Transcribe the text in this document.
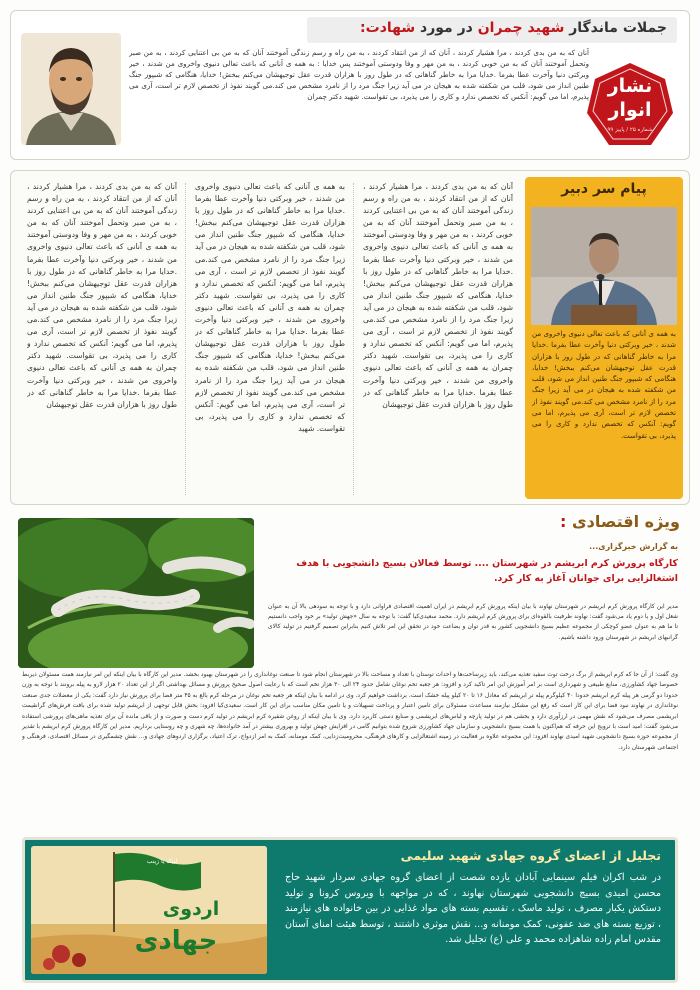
جملات ماندگار شهید چمران در مورد شهادت:
آنان که به من بدی کردند ، مرا هشیار کردند ، آنان که از من انتقاد کردند ، به من راه و رسم زندگی آموختند آنان که به من بی اعتنایی کردند ، به من صبر وتحمل آموختند آنان که به من خوبی کردند ، به من مهر و وفا ودوستی آموختند پس خدایا : به همه ی آنانی که باعث تعالی دنیوی واخروی من شدند ، خیر وبرکتی دنیا وآخرت عطا بفرما .خدایا مرا به خاطر گناهانی که در طول روز با هزاران قدرت عقل توجیهشان می‌کنم ببخش! خدایا، هنگامی که شبپور جنگ طنین انداز می شود، قلب من شکفته شده به هیجان در می آید زیرا جنگ مرد را از نامرد مشخص می کند.می گویند نفوذ از تخصص لازم تر است، آری می پذیرم، اما می گویم: آنکس که تخصص ندارد و کاری را می پذیرد، بی تقواست. شهید دکتر چمران نشار
انوار
شماره ۲۵ / پاییز ۹۹
پیام سر دبیر
به همه ی آنانی که باعث تعالی دنیوی واخروی من شدند ، خیر وبرکتی دنیا وآخرت عطا بفرما .خدایا مرا به خاطر گناهانی که در طول روز با هزاران قدرت عقل توجیهشان می‌کنم ببخش! خدایا، هنگامی که شبپور جنگ طنین انداز می شود، قلب من شکفته شده به هیجان در می آید زیرا جنگ مرد را از نامرد مشخص می کند.می گویند نفوذ از تخصص لازم تر است، آری می پذیرم، اما می گویم: آنکس که تخصص ندارد و کاری را می پذیرد، بی تقواست.
آنان که به من بدی کردند ، مرا هشیار کردند ، آنان که از من انتقاد کردند ، به من راه و رسم زندگی آموختند آنان که به من بی اعتنایی کردند ، به من صبر وتحمل آموختند آنان که به من خوبی کردند ، به من مهر و وفا ودوستی آموختند به همه ی آنانی که باعث تعالی دنیوی واخروی من شدند ، خیر وبرکتی دنیا وآخرت عطا بفرما .خدایا مرا به خاطر گناهانی که در طول روز با هزاران قدرت عقل توجیهشان می‌کنم ببخش! خدایا، هنگامی که شبپور جنگ طنین انداز می شود، قلب من شکفته شده به هیجان در می آید زیرا جنگ مرد را از نامرد مشخص می کند.می گویند نفوذ از تخصص لازم تر است ، آری می پذیرم، اما می گویم: آنکس که تخصص ندارد و کاری را می پذیرد، بی تقواست. شهید دکتر چمران به همه ی آنانی که باعث تعالی دنیوی واخروی من شدند ، خیر وبرکتی دنیا وآخرت عطا بفرما .خدایا مرا به خاطر گناهانی که در طول روز با هزاران قدرت عقل توجیهشان
به همه ی آنانی که باعث تعالی دنیوی واخروی من شدند ، خیر وبرکتی دنیا وآخرت عطا بفرما .خدایا مرا به خاطر گناهانی که در طول روز با هزاران قدرت عقل توجیهشان می‌کنم ببخش! خدایا، هنگامی که شبپور جنگ طنین انداز می شود، قلب من شکفته شده به هیجان در می آید زیرا جنگ مرد را از نامرد مشخص می کند.می گویند نفوذ از تخصص لازم تر است ، آری می پذیرم، اما می گویم: آنکس که تخصص ندارد و کاری را می پذیرد، بی تقواست. شهید دکتر چمران به همه ی آنانی که باعث تعالی دنیوی واخروی من شدند ، خیر وبرکتی دنیا وآخرت عطا بفرما .خدایا مرا به خاطر گناهانی که در طول روز با هزاران قدرت عقل توجیهشان می‌کنم ببخش! خدایا، هنگامی که شبپور جنگ طنین انداز می شود، قلب من شکفته شده به هیجان در می آید زیرا جنگ مرد را از نامرد مشخص می کند.می گویند نفوذ از تخصص لازم تر است، آری می پذیرم، اما می گویم: آنکس که تخصص ندارد و کاری را می پذیرد، بی تقواست. شهید
آنان که به من بدی کردند ، مرا هشیار کردند ، آنان که از من انتقاد کردند ، به من راه و رسم زندگی آموختند آنان که به من بی اعتنایی کردند ، به من صبر وتحمل آموختند آنان که به من خوبی کردند ، به من مهر و وفا ودوستی آموختند به همه ی آنانی که باعث تعالی دنیوی واخروی من شدند ، خیر وبرکتی دنیا وآخرت عطا بفرما .خدایا مرا به خاطر گناهانی که در طول روز با هزاران قدرت عقل توجیهشان می‌کنم ببخش! خدایا، هنگامی که شبپور جنگ طنین انداز می شود، قلب من شکفته شده به هیجان در می آید زیرا جنگ مرد را از نامرد مشخص می کند.می گویند نفوذ از تخصص لازم تر است، آری می پذیرم، اما می گویم: آنکس که تخصص ندارد و کاری را می پذیرد، بی تقواست. شهید دکتر چمران به همه ی آنانی که باعث تعالی دنیوی واخروی من شدند ، خیر وبرکتی دنیا وآخرت عطا بفرما .خدایا مرا به خاطر گناهانی که در طول روز با هزاران قدرت عقل توجیهشان
ویژه اقتصادی :
به گزارش خبرگزاری...
کارگاه پرورش کرم ابریشم در شهرستان .... توسط فعالان بسیج دانشجویی با هدف اشتغالزایی برای جوانان آغاز به کار کرد.
مدیر این کارگاه پرورش کرم ابریشم در شهرستان نهاوند با بیان اینکه پرورش کرم ابریشم در ایران اهمیت اقتصادی فراوانی دارد و با توجه به سودهی بالا آن به عنوان شغل اول و یا دوم یاد می‌شود گفت: نهاوند ظرفیت بالقوه‌ای برای پرورش کرم ابریشم دارد. محمد سعیدی‌کیا گفت: با توجه به سال «جهش تولید» بر خود واجب دانستیم تا ما هم به عنوان عضو کوچکی از مجموعه عظیم بسیج دانشجویی کشور به قدر توان و بضاعت خود در تحقق این امر تلاش کنیم بنابراین تصمیم گرفتیم در تولید کالای گرانبهای ابریشم در شهرستان ورود داشته باشیم.
وی گفت: از آن جا که کرم ابریشم از برگ درخت توت سفید تغذیه می‌کند، باید زیرساخت‌ها و احداث توستان با تعداد و مساحت بالا در شهرستان انجام شود تا صنعت نوغانداری را در شهرستان بهبود بخشد. مدیر این کارگاه با بیان اینکه این امر نیازمند همت مسئولان ذیربط خصوصا جهاد کشاورزی، منابع طبیعی و شهرداری است بر امر آموزش این امر تاکید کرد و افزود: هر جعبه تخم نوغان شامل حدود ۲۴ الی ۳۰ هزار تخم است که با رعایت اصول صحیح پرورش و مسائل بهداشتی اگر از این تعداد ۲۰ هزار لارو به پیله برونند با توجه به وزن حدودا دو گرمی هر پیله کرم ابریشم حدودا ۴۰ کیلوگرم پیله تر ابریشم که معادل ۱۶ تا ۲۰ کیلو پیله خشک است، برداشت خواهیم کرد. وی در ادامه با بیان اینکه هر جعبه تخم نوغان در مرحله کرم بالغ به ۴۵ متر فضا برای پرورش نیاز دارد گفت: یکی از معضلات جدی صنعت نوغانداری در نهاوند نبود فضا برای این کار است که رفع این مشکل نیازمند مساعدت مسئولان برای تامین اعتبار و پرداخت تسهیلات و یا تامین مکان مناسب برای این کار است. سعیدی‌کیا افزود: بخش قابل توجهی از ابریشم تولید شده برای بافت فرش‌های گرانقیمت ابریشمی مصرف می‌شود که نقش مهمی در ارزآوری دارد و بخشی هم در تولید پارچه و لباس‌های ابریشمی و صنایع دستی کاربرد دارد. وی با بیان اینکه از روغن شفیره کرم ابریشم در تولید کرم دست و صورت و از باقی مانده آن برای تغذیه ماهی‌های پرورشی استفاده می‌شود گفت: امید است با ترویج این حرفه که هم‌اکنون با همت بسیج دانشجویی و سازمان جهاد کشاورزی شروع شده بتوانیم گامی در افزایش جهش تولید و بهروری بیشتر در آمد خانواده‌ها، چه شهری و چه روستایی برداریم. مدیر این کارگاه پرورش کرم ابریشم با تقدیر از مجموعه حوزه بسیج دانشجویی شهید امیدی نهاوند افزود: این مجموعه علاوه بر فعالیت در زمینه اشتغالزایی و کارهای فرهنگی، محرومیت‌زدایی، کمک مومنانه، کمک به امر ازدواج، ترک اعتیاد، برگزاری اردوهای جهادی و... نقش چشمگیری در مسائل اقتصادی، فرهنگی و اجتماعی شهرستان دارد.
تجلیل از اعضای گروه جهادی شهید سلیمی
در شب اکران فیلم سینمایی آبادان یازده شصت از اعضای گروه جهادی سردار شهید حاج محسن امیدی بسیج دانشجویی شهرستان نهاوند ، که در مواجهه با ویروس کرونا و تولید دستکش یکبار مصرف ، تولید ماسک ، تقسیم بسته های مواد غذایی در بین خانواده های نیازمند ، توزیع بسته های ضد عفونی، کمک مومنانه و... نقش موثری داشتند ، توسط هیئت امنای آستان مقدس امام زاده شاهزاده محمد و علی (ع) تجلیل شد.
لبیک یا زینب
اردوی
جهادی
